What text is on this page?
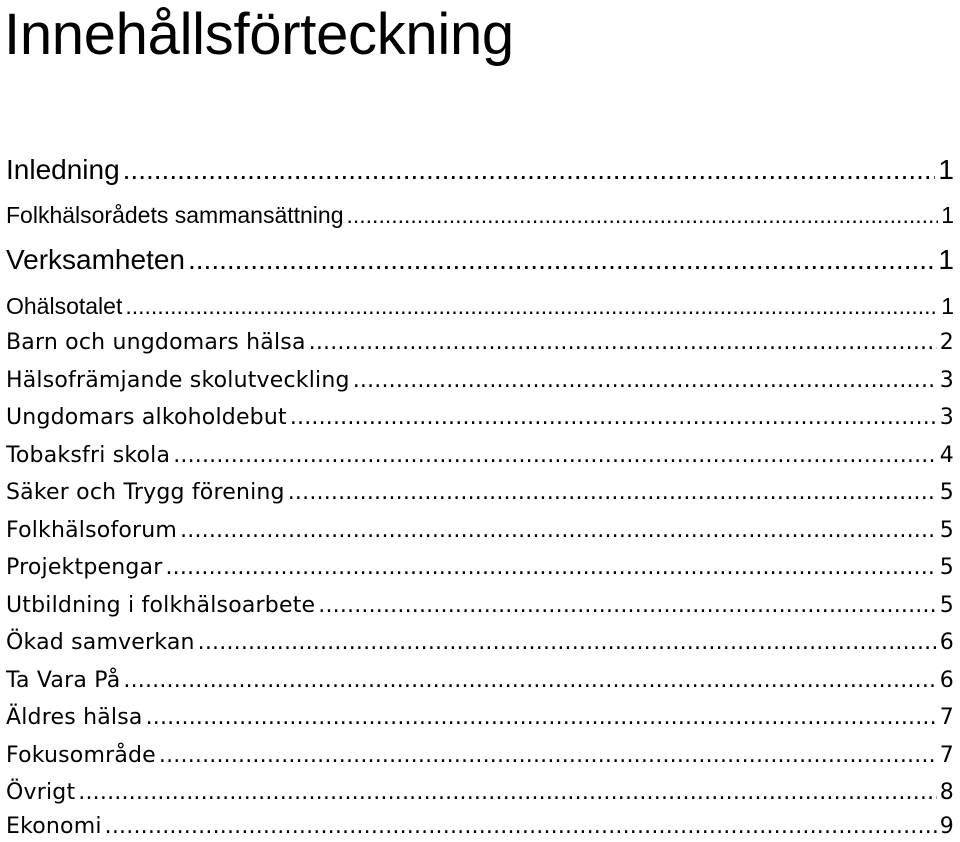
Innehållsförteckning
Inledning .....	1
Folkhälsorådets sammansättning .....	1
Verksamheten .....	1
Ohälsotalet .....	1
Barn och ungdomars hälsa .....	2
Hälsofrämjande skolutveckling .....	3
Ungdomars alkoholdebut .....	3
Tobaksfri skola .....	4
Säker och Trygg förening .....	5
Folkhälsoforum .....	5
Projektpengar .....	5
Utbildning i folkhälsoarbete .....	5
Ökad samverkan .....	6
Ta Vara På .....	6
Äldres hälsa .....	7
Fokusområde .....	7
Övrigt .....	8
Ekonomi .....	9
